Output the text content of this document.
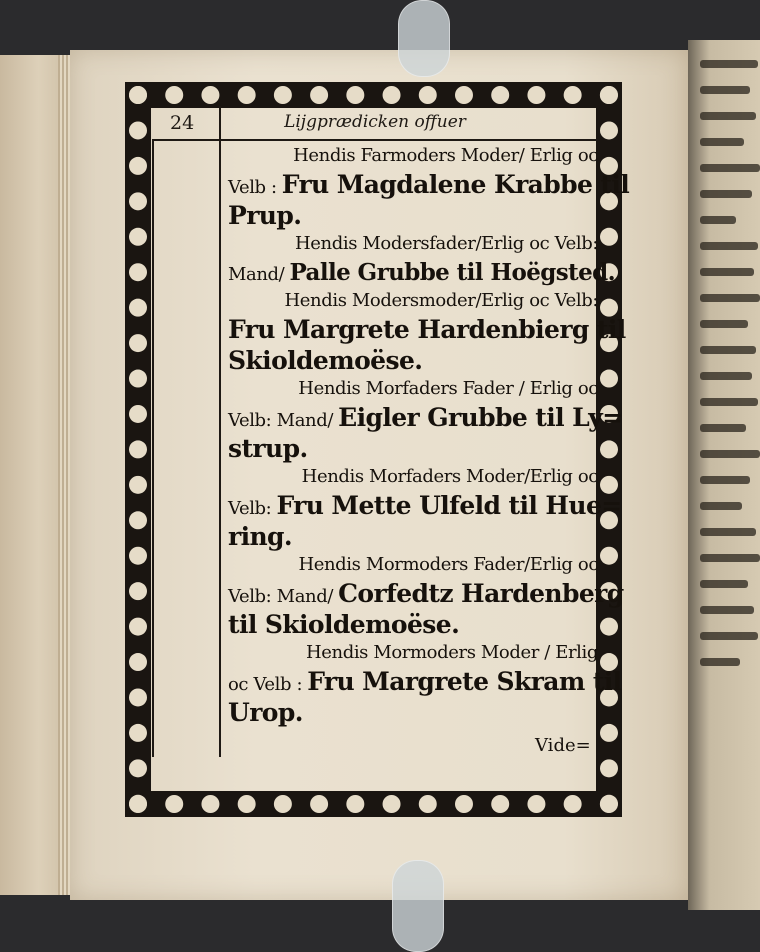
24	Lijgprædicken offuer

Hendis Farmoders Moder/ Erlig oc
Velb : Fru Magdalene Krabbe til
Prup.

Hendis Modersfader/Erlig oc Velb:
Mand/ Palle Grubbe til Hoëgsted.

Hendis Modersmoder/Erlig oc Velb:
Fru Margrete Hardenbierg til
Skioldemoëse.

Hendis Morfaders Fader / Erlig oc
Velb: Mand/ Eigler Grubbe til Ly=
strup.

Hendis Morfaders Moder/Erlig oc
Velb: Fru Mette Ulfeld til Hue=
ring.

Hendis Mormoders Fader/Erlig oc
Velb: Mand/ Corfedtz Hardenberg
til Skioldemoëse.

Hendis Mormoders Moder / Erlig
oc Velb : Fru Margrete Skram til
Urop.

Vide=
